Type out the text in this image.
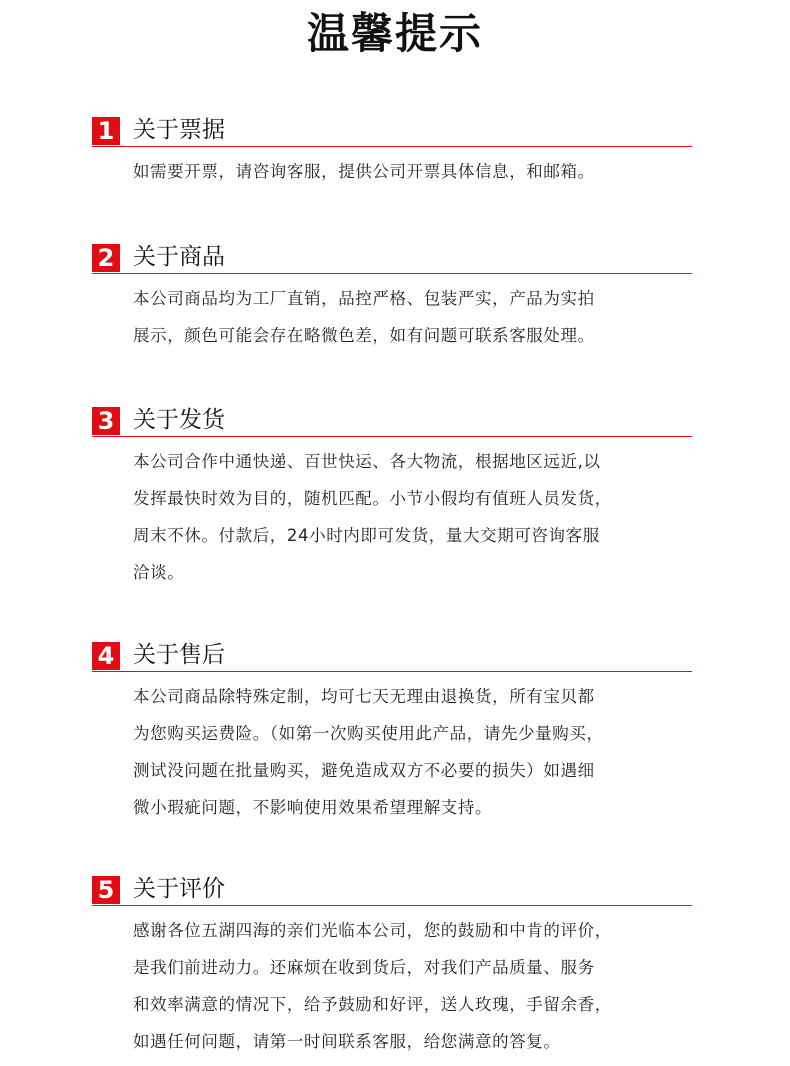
温馨提示
1 关于票据
如需要开票，请咨询客服，提供公司开票具体信息，和邮箱。
2 关于商品
本公司商品均为工厂直销，品控严格、包装严实，产品为实拍
展示，颜色可能会存在略微色差，如有问题可联系客服处理。
3 关于发货
本公司合作中通快递、百世快运、各大物流，根据地区远近,以
发挥最快时效为目的，随机匹配。小节小假均有值班人员发货，
周末不休。付款后，24小时内即可发货，量大交期可咨询客服
洽谈。
4 关于售后
本公司商品除特殊定制，均可七天无理由退换货，所有宝贝都
为您购买运费险。（如第一次购买使用此产品，请先少量购买，
测试没问题在批量购买，避免造成双方不必要的损失）如遇细
微小瑕疵问题，不影响使用效果希望理解支持。
5 关于评价
感谢各位五湖四海的亲们光临本公司，您的鼓励和中肯的评价，
是我们前进动力。还麻烦在收到货后，对我们产品质量、服务
和效率满意的情况下，给予鼓励和好评，送人玫瑰，手留余香，
如遇任何问题，请第一时间联系客服，给您满意的答复。
